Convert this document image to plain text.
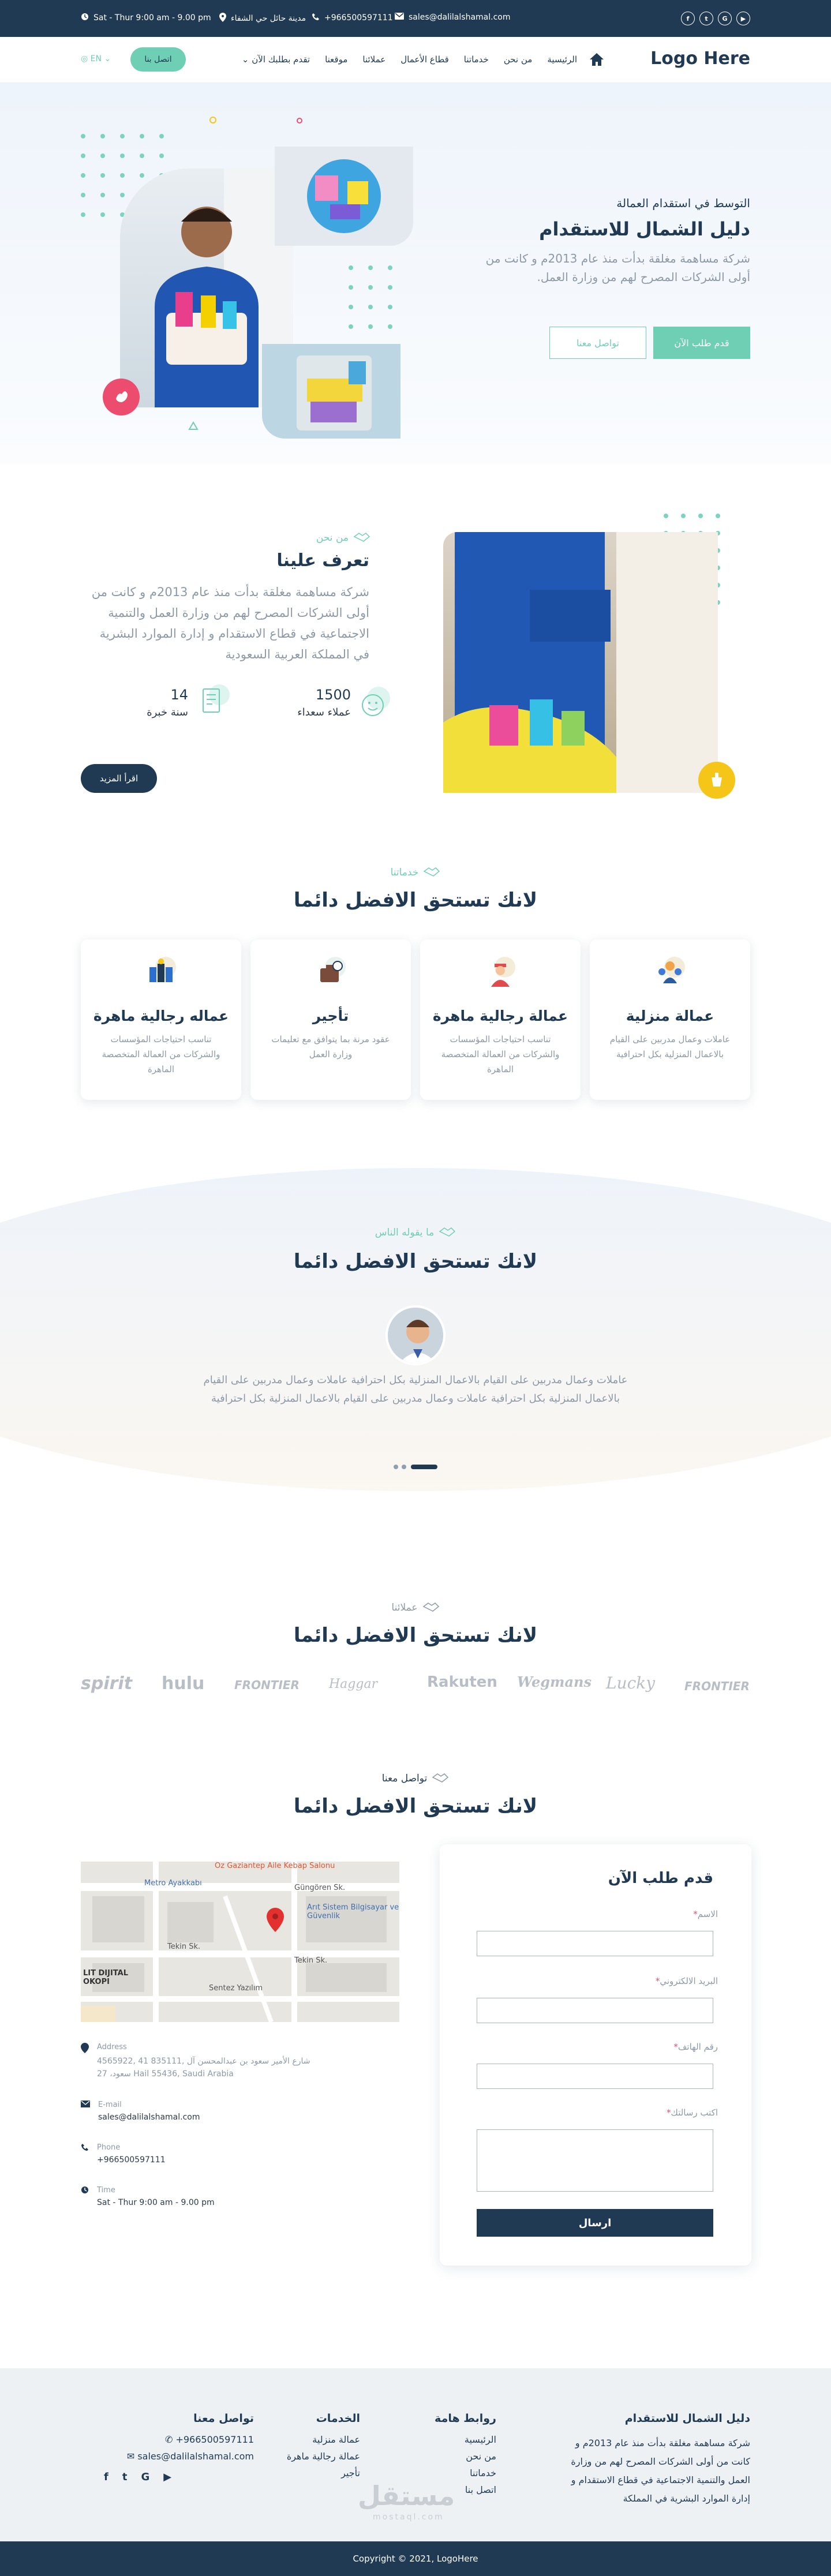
Sat - Thur 9:00 am - 9.00 pm مدينة حائل حي الشفاء +966500597111 sales@dalilalshamal.com	f	t	G	▶
Logo Here
الرئيسية
من نحن
خدماتنا
قطاع الأعمال
عملائنا
موقعنا
تقدم بطلبك الآن ⌄
اتصل بنا
◎ EN ⌄
التوسط في استقدام العمالة
دليل الشمال للاستقدام
شركة مساهمة مغلقة بدأت منذ عام 2013م و كانت من أولى الشركات المصرح لهم من وزارة العمل.
قدم طلب الآن
تواصل معنا
من نحن
تعرف علينا
شركة مساهمة مغلقة بدأت منذ عام 2013م و كانت من أولى الشركات المصرح لهم من وزارة العمل والتنمية الاجتماعية في قطاع الاستقدام و إدارة الموارد البشرية في المملكة العربية السعودية
1500
عملاء سعداء
14
سنة خبرة
اقرأ المزيد
خدماتنا
لانك تستحق الافضل دائما
عمالة منزلية
عاملات وعمال مدربين على القيام بالاعمال المنزلية بكل احترافية
عمالة رجالية ماهرة
تناسب احتياجات المؤسسات والشركات من العمالة المتخصصة الماهرة
تأجير
عقود مرنة بما يتوافق مع تعليمات وزارة العمل
عماله رجالية ماهرة
تناسب احتياجات المؤسسات والشركات من العمالة المتخصصة الماهرة
ما يقوله الناس
لانك تستحق الافضل دائما
عاملات وعمال مدربين على القيام بالاعمال المنزلية بكل احترافية عاملات وعمال مدربين على القيام بالاعمال المنزلية بكل احترافية عاملات وعمال مدربين على القيام بالاعمال المنزلية بكل احترافية
عملائنا
لانك تستحق الافضل دائما
spirit hulu	FRONTIER Haggar	Rakuten Wegmans Lucky	FRONTIER
تواصل معنا
لانك تستحق الافضل دائما
Öz Gaziantep Aile Kebap Salonu
Metro Ayakkabı
Güngören Sk.
Arıt Sistem Bilgisayar ve Güvenlik
Tekin Sk.
Tekin Sk.
Sentez Yazılım
LIT DIJITAL OKOPI
Address
4565922, 41 835111, شارع الأمير سعود بن عبدالمحسن آل سعود، 27 Hail 55436, Saudi Arabia
E-mail
sales@dalilalshamal.com
Phone
+966500597111
Time
Sat - Thur 9:00 am - 9.00 pm
قدم طلب الآن
الاسم*
البريد الالكتروني*
رقم الهاتف*
اكتب رسالتك*
ارسال
دليل الشمال للاستقدام
شركة مساهمة مغلقة بدأت منذ عام 2013م و كانت من أولى الشركات المصرح لهم من وزارة العمل والتنمية الاجتماعية في قطاع الاستقدام و إدارة الموارد البشرية في المملكة
روابط هامة
الرئيسية
من نحن
خدماتنا
اتصل بنا
الخدمات
عمالة منزلية
عمالة رجالية ماهرة
تأجير
تواصل معنا
✆ +966500597111
✉ sales@dalilalshamal.com
f t G ▶
مستقل
mostaql.com
Copyright © 2021, LogoHere
